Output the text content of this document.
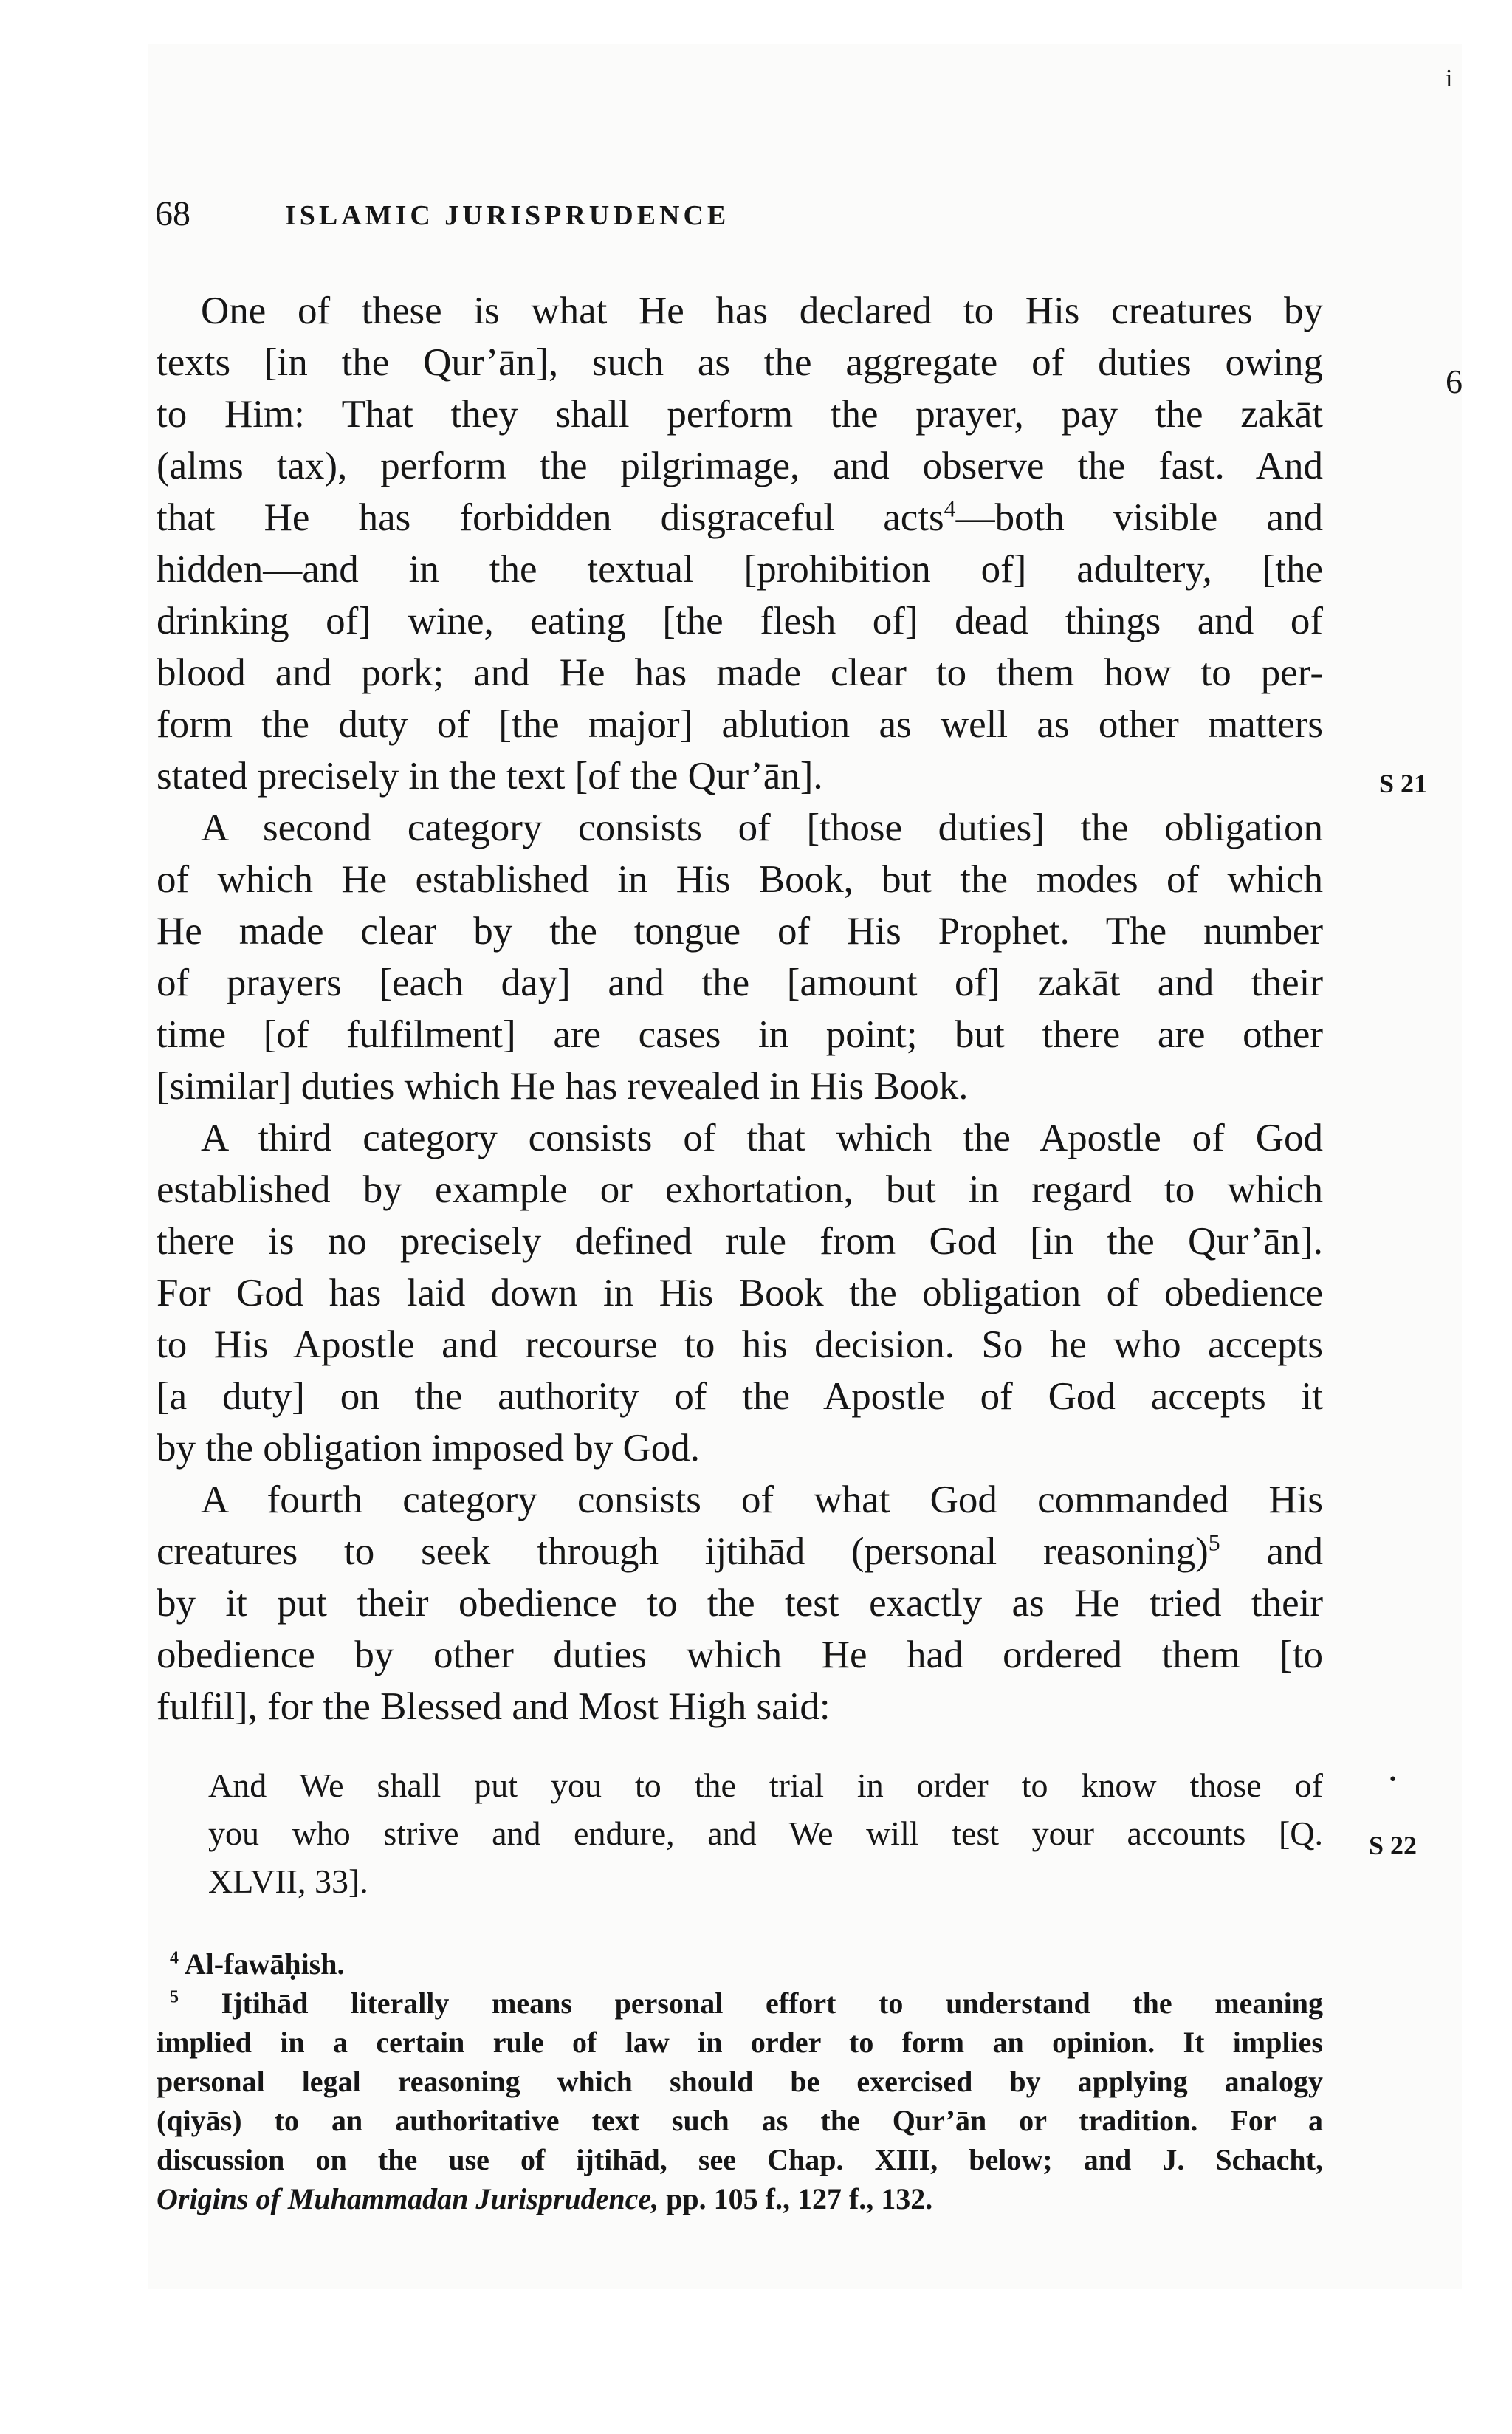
i
68	ISLAMIC JURISPRUDENCE
One of these is what He has declared to His creatures by
texts [in the Qur’ān], such as the aggregate of duties owing
to Him: That they shall perform the prayer, pay the zakāt
(alms tax), perform the pilgrimage, and observe the fast. And
that He has forbidden disgraceful acts$^4$—both visible and
hidden—and in the textual [prohibition of] adultery, [the
drinking of] wine, eating [the flesh of] dead things and of
blood and pork; and He has made clear to them how to per-
form the duty of [the major] ablution as well as other matters
stated precisely in the text [of the Qur’ān].
A second category consists of [those duties] the obligation
of which He established in His Book, but the modes of which
He made clear by the tongue of His Prophet. The number
of prayers [each day] and the [amount of] zakāt and their
time [of fulfilment] are cases in point; but there are other
[similar] duties which He has revealed in His Book.
A third category consists of that which the Apostle of God
established by example or exhortation, but in regard to which
there is no precisely defined rule from God [in the Qur’ān].
For God has laid down in His Book the obligation of obedience
to His Apostle and recourse to his decision. So he who accepts
[a duty] on the authority of the Apostle of God accepts it
by the obligation imposed by God.
A fourth category consists of what God commanded His
creatures to seek through ijtihād (personal reasoning)$^5$ and
by it put their obedience to the test exactly as He tried their
obedience by other duties which He had ordered them [to
fulfil], for the Blessed and Most High said:
And We shall put you to the trial in order to know those of
you who strive and endure, and We will test your accounts [Q.
XLVII, 33].
$^4$ Al-fawāḥish.
$^5$ Ijtihād literally means personal effort to understand the meaning
implied in a certain rule of law in order to form an opinion. It implies
personal legal reasoning which should be exercised by applying analogy
(qiyās) to an authoritative text such as the Qur’ān or tradition. For a
discussion on the use of ijtihād, see Chap. XIII, below; and J. Schacht,
Origins of Muhammadan Jurisprudence, pp. 105 f., 127 f., 132.
6
S 21
·
S 22
